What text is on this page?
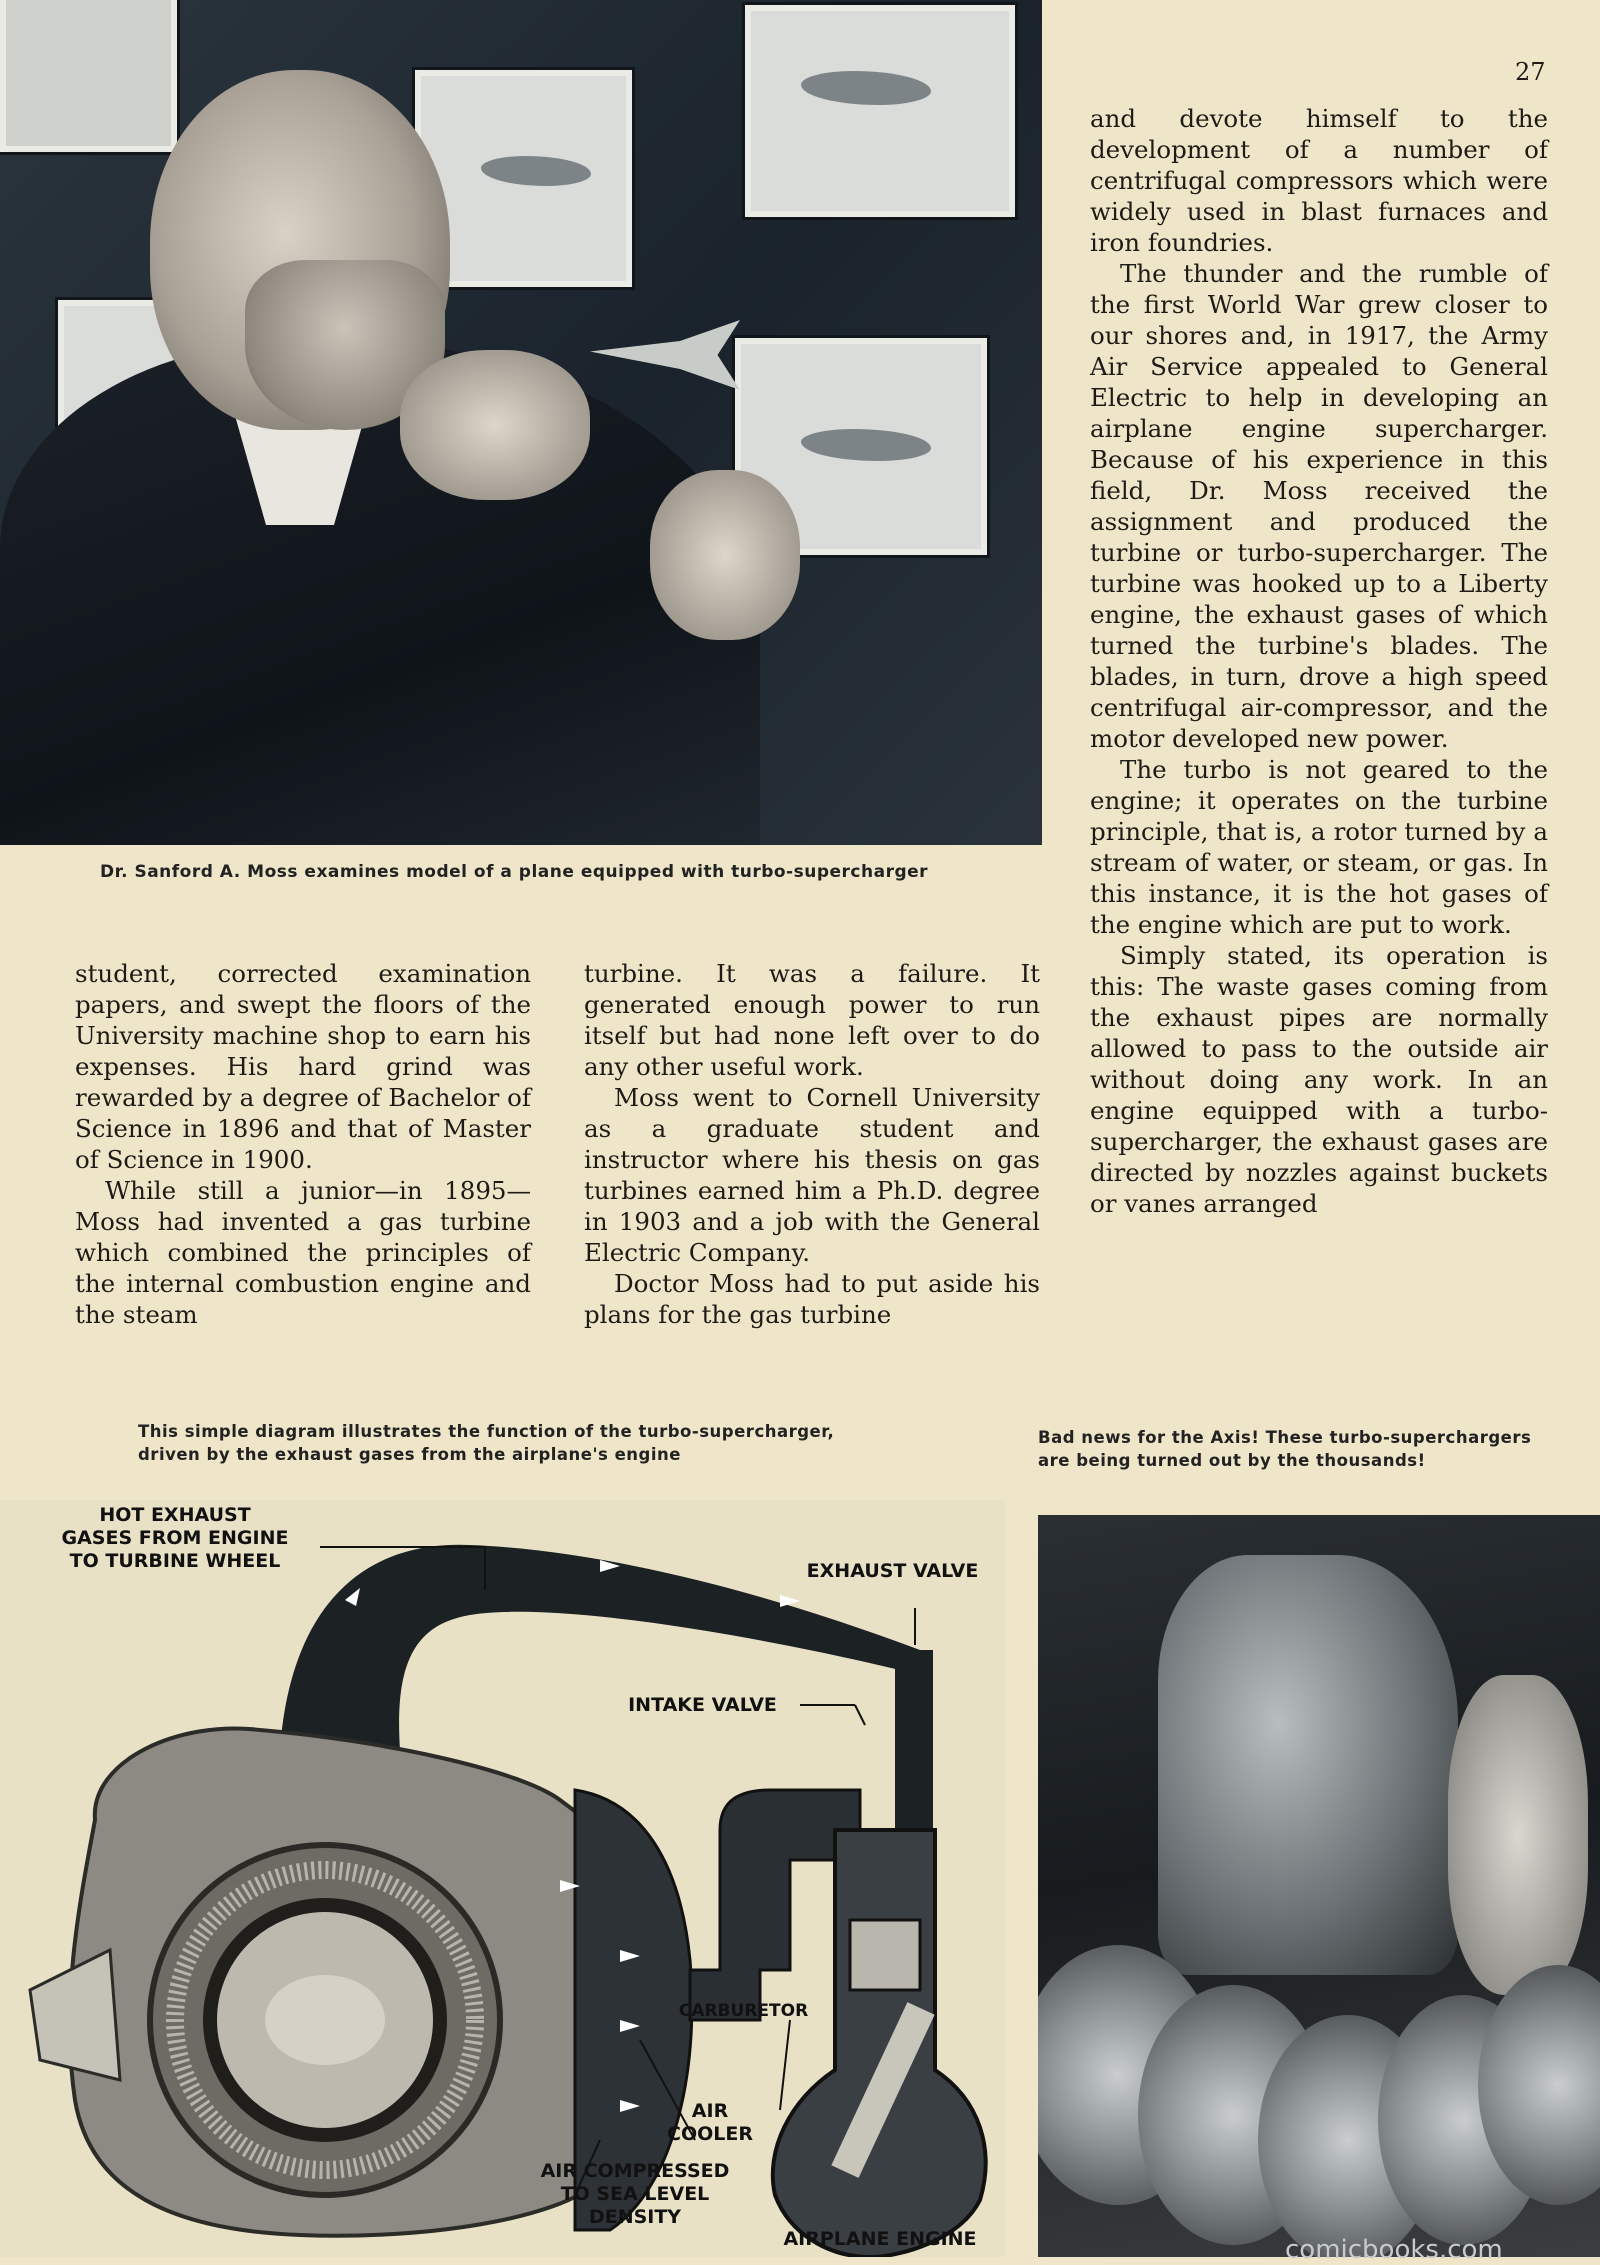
27
Dr. Sanford A. Moss examines model of a plane equipped with turbo-supercharger

and devote himself to the development of a number of centrifugal compressors which were widely used in blast furnaces and iron foundries.

The thunder and the rumble of the first World War grew closer to our shores and, in 1917, the Army Air Service appealed to General Electric to help in developing an airplane engine supercharger. Because of his experience in this field, Dr. Moss received the assignment and produced the turbine or turbo-supercharger. The turbine was hooked up to a Liberty engine, the exhaust gases of which turned the turbine's blades. The blades, in turn, drove a high speed centrifugal air-compressor, and the motor developed new power.

The turbo is not geared to the engine; it operates on the turbine principle, that is, a rotor turned by a stream of water, or steam, or gas. In this instance, it is the hot gases of the engine which are put to work.

Simply stated, its operation is this: The waste gases coming from the exhaust pipes are normally allowed to pass to the outside air without doing any work. In an engine equipped with a turbo-supercharger, the exhaust gases are directed by nozzles against buckets or vanes arranged

student, corrected examination papers, and swept the floors of the University machine shop to earn his expenses. His hard grind was rewarded by a degree of Bachelor of Science in 1896 and that of Master of Science in 1900.

While still a junior—in 1895—Moss had invented a gas turbine which combined the principles of the internal combustion engine and the steam

turbine. It was a failure. It generated enough power to run itself but had none left over to do any other useful work.

Moss went to Cornell University as a graduate student and instructor where his thesis on gas turbines earned him a Ph.D. degree in 1903 and a job with the General Electric Company.

Doctor Moss had to put aside his plans for the gas turbine

This simple diagram illustrates the function of the turbo-supercharger, driven by the exhaust gases from the airplane's engine
Bad news for the Axis! These turbo-superchargers are being turned out by the thousands!
HOT EXHAUST
GASES FROM ENGINE
TO TURBINE WHEEL	EXHAUST VALVE
INTAKE VALVE
CARBURETOR
AIR
COOLER
AIR COMPRESSED
TO SEA LEVEL
DENSITY
AIRPLANE ENGINE	comicbooks.com
